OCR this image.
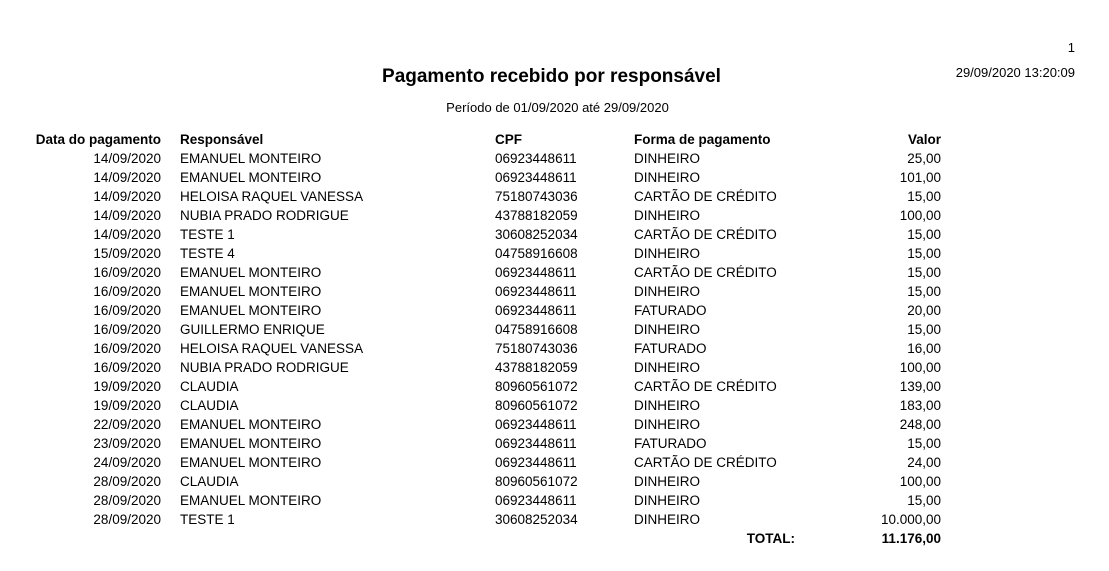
1
29/09/2020 13:20:09
Pagamento recebido por responsável
Período de 01/09/2020 até 29/09/2020
Data do pagamento		Responsável	CPF	Forma de pagamento	Valor
14/09/2020		EMANUEL MONTEIRO	06923448611	DINHEIRO	25,00
14/09/2020		EMANUEL MONTEIRO	06923448611	DINHEIRO	101,00
14/09/2020		HELOISA RAQUEL VANESSA	75180743036	CARTÃO DE CRÉDITO	15,00
14/09/2020		NUBIA PRADO RODRIGUE	43788182059	DINHEIRO	100,00
14/09/2020		TESTE 1	30608252034	CARTÃO DE CRÉDITO	15,00
15/09/2020		TESTE 4	04758916608	DINHEIRO	15,00
16/09/2020		EMANUEL MONTEIRO	06923448611	CARTÃO DE CRÉDITO	15,00
16/09/2020		EMANUEL MONTEIRO	06923448611	DINHEIRO	15,00
16/09/2020		EMANUEL MONTEIRO	06923448611	FATURADO	20,00
16/09/2020		GUILLERMO ENRIQUE	04758916608	DINHEIRO	15,00
16/09/2020		HELOISA RAQUEL VANESSA	75180743036	FATURADO	16,00
16/09/2020		NUBIA PRADO RODRIGUE	43788182059	DINHEIRO	100,00
19/09/2020		CLAUDIA	80960561072	CARTÃO DE CRÉDITO	139,00
19/09/2020		CLAUDIA	80960561072	DINHEIRO	183,00
22/09/2020		EMANUEL MONTEIRO	06923448611	DINHEIRO	248,00
23/09/2020		EMANUEL MONTEIRO	06923448611	FATURADO	15,00
24/09/2020		EMANUEL MONTEIRO	06923448611	CARTÃO DE CRÉDITO	24,00
28/09/2020		CLAUDIA	80960561072	DINHEIRO	100,00
28/09/2020		EMANUEL MONTEIRO	06923448611	DINHEIRO	15,00
28/09/2020		TESTE 1	30608252034	DINHEIRO	10.000,00
				TOTAL:	11.176,00
